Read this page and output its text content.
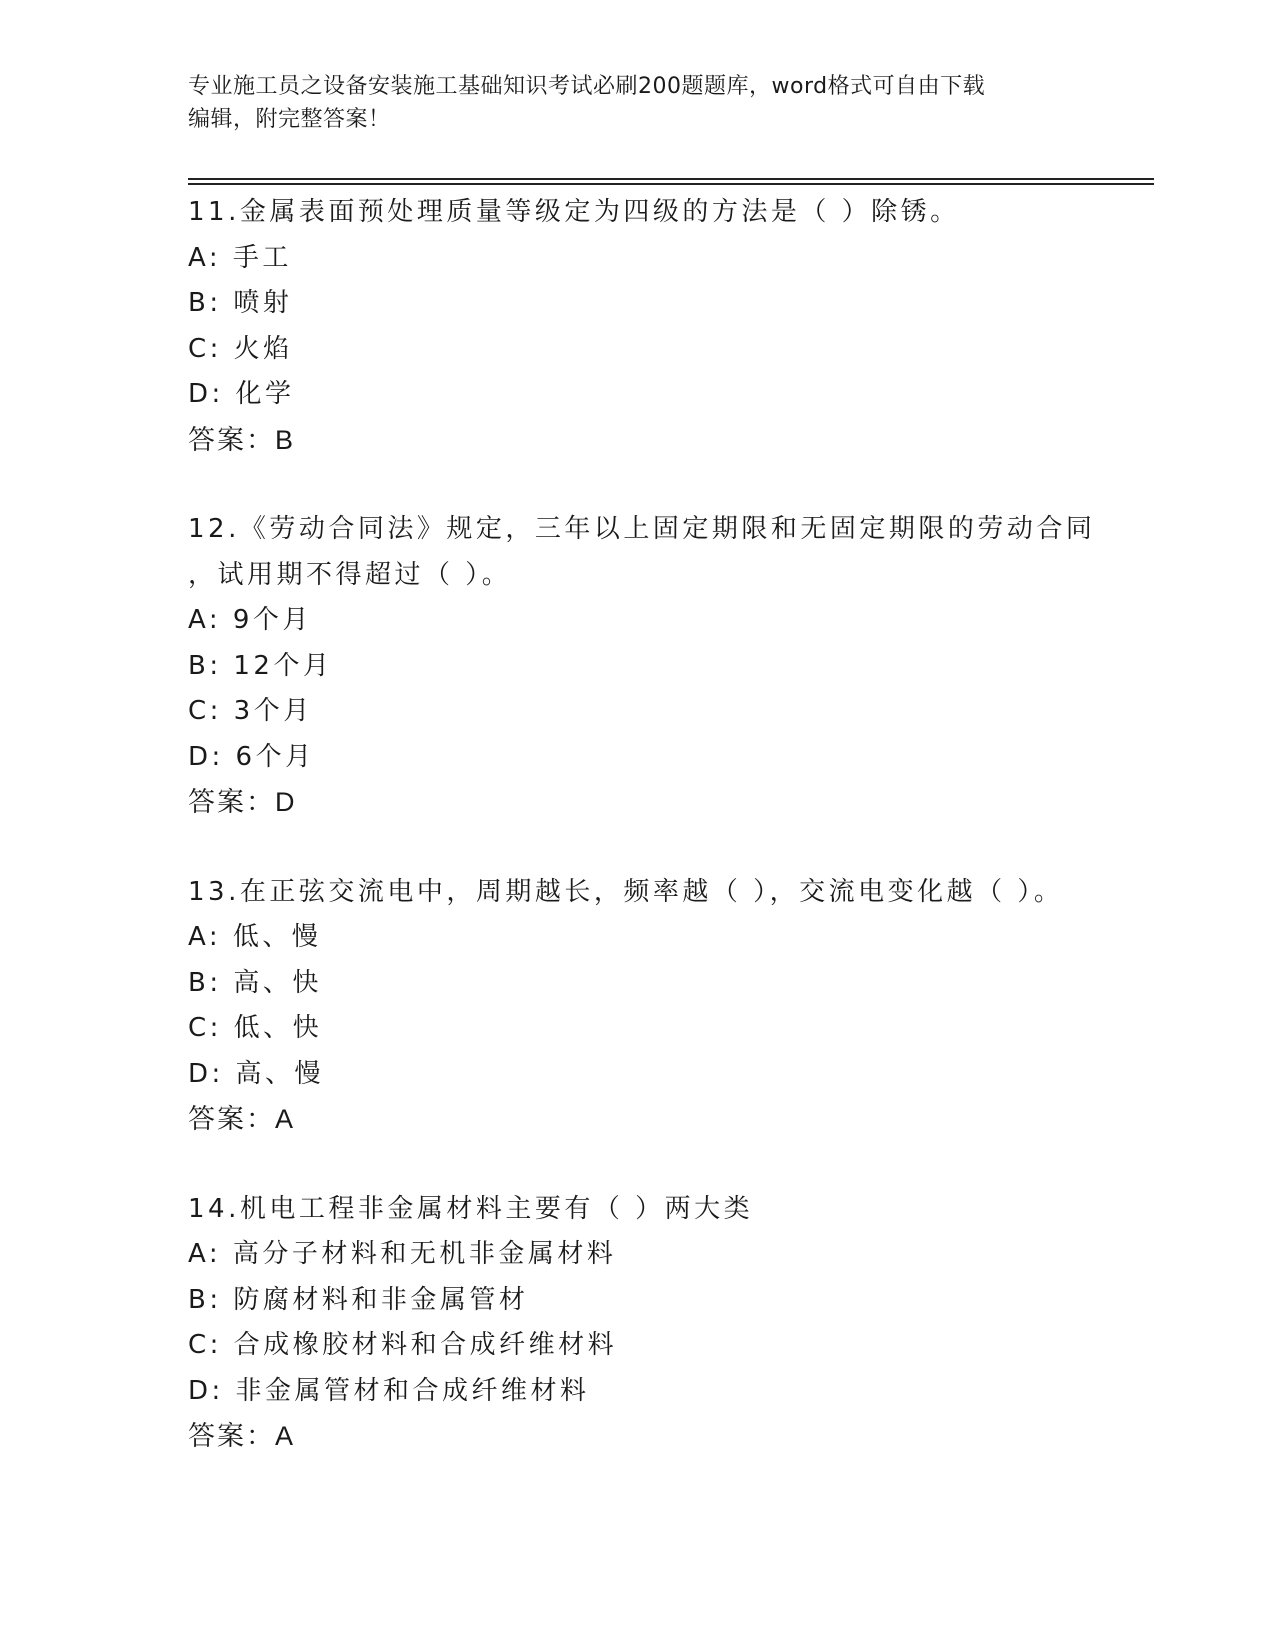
专业施工员之设备安装施工基础知识考试必刷200题题库，word格式可自由下载
编辑，附完整答案！
11.金属表面预处理质量等级定为四级的方法是（ ）除锈。
A: 手工
B: 喷射
C: 火焰
D: 化学
答案：B
12.《劳动合同法》规定，三年以上固定期限和无固定期限的劳动合同
，试用期不得超过（ ）。
A: 9个月
B: 12个月
C: 3个月
D: 6个月
答案：D
13.在正弦交流电中，周期越长，频率越（ ），交流电变化越（ ）。
A: 低、慢
B: 高、快
C: 低、快
D: 高、慢
答案：A
14.机电工程非金属材料主要有（ ）两大类
A: 高分子材料和无机非金属材料
B: 防腐材料和非金属管材
C: 合成橡胶材料和合成纤维材料
D: 非金属管材和合成纤维材料
答案：A
